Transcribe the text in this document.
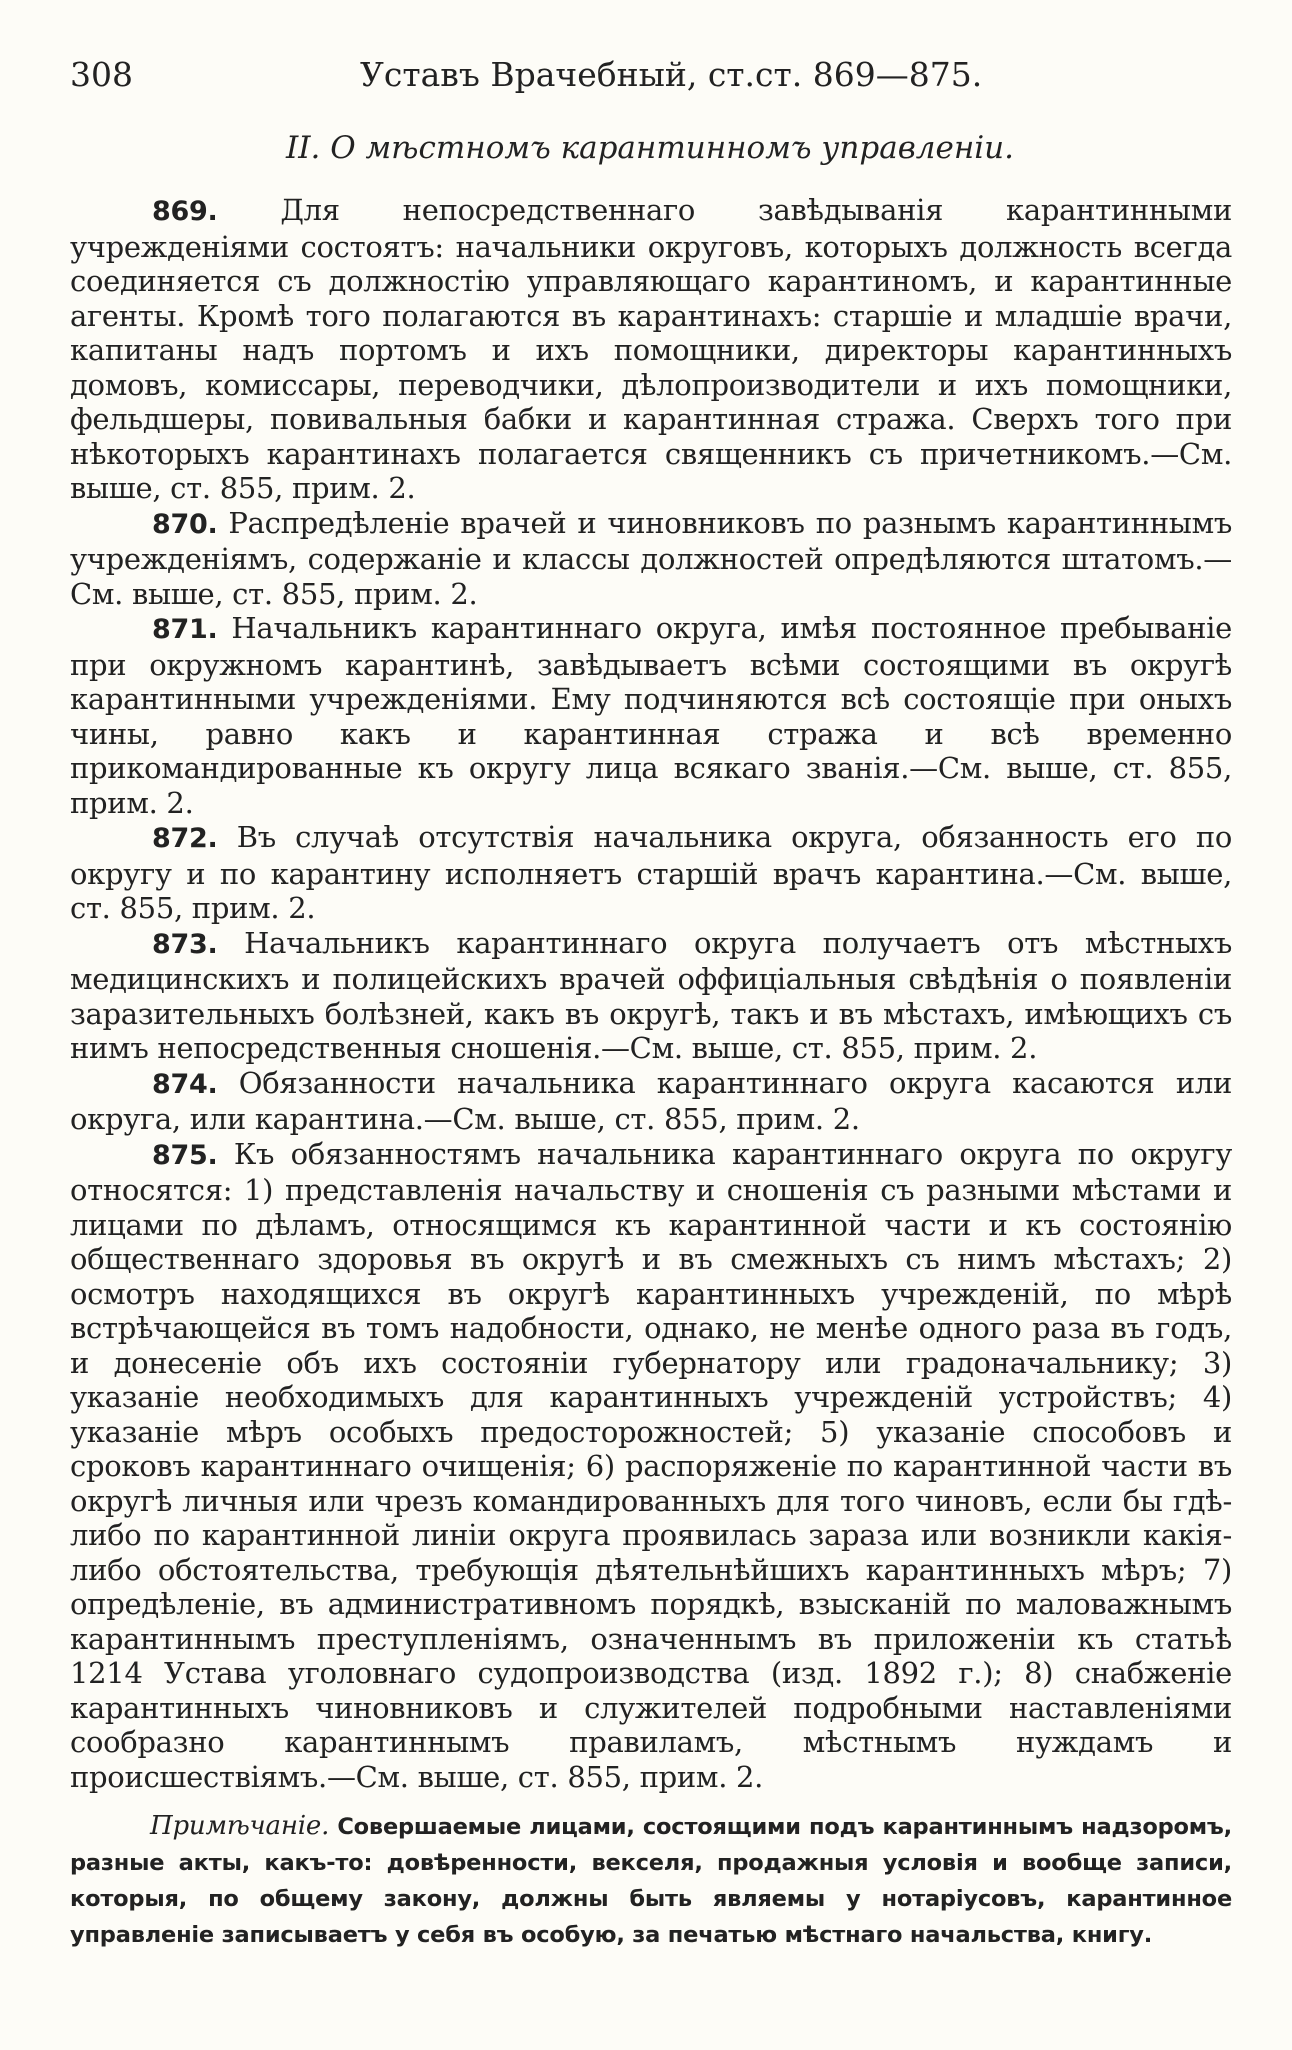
308	Уставъ Врачебный, ст.ст. 869—875.
II. О мѣстномъ карантинномъ управленiи.

869. Для непосредственнаго завѣдыванiя карантинными учрежденiями состоятъ: начальники округовъ, которыхъ должность всегда соединяется съ должностiю управляющаго карантиномъ, и карантинные агенты. Кромѣ того полагаются въ карантинахъ: старшiе и младшiе врачи, капитаны надъ портомъ и ихъ помощники, директоры карантинныхъ домовъ, комиссары, переводчики, дѣлопроизводители и ихъ помощники, фельдшеры, повивальныя бабки и карантинная стража. Сверхъ того при нѣкоторыхъ карантинахъ полагается священникъ съ причетникомъ.—См. выше, ст. 855, прим. 2.

870. Распредѣленiе врачей и чиновниковъ по разнымъ карантиннымъ учрежденiямъ, содержанiе и классы должностей опредѣляются штатомъ.—См. выше, ст. 855, прим. 2.

871. Начальникъ карантиннаго округа, имѣя постоянное пребыванiе при окружномъ карантинѣ, завѣдываетъ всѣми состоящими въ округѣ карантинными учрежденiями. Ему подчиняются всѣ состоящiе при оныхъ чины, равно какъ и карантинная стража и всѣ временно прикомандированные къ округу лица всякаго званiя.—См. выше, ст. 855, прим. 2.

872. Въ случаѣ отсутствiя начальника округа, обязанность его по округу и по карантину исполняетъ старшiй врачъ карантина.—См. выше, ст. 855, прим. 2.

873. Начальникъ карантиннаго округа получаетъ отъ мѣстныхъ медицинскихъ и полицейскихъ врачей оффицiальныя свѣдѣнiя о появленiи заразительныхъ болѣзней, какъ въ округѣ, такъ и въ мѣстахъ, имѣющихъ съ нимъ непосредственныя сношенiя.—См. выше, ст. 855, прим. 2.

874. Обязанности начальника карантиннаго округа касаются или округа, или карантина.—См. выше, ст. 855, прим. 2.

875. Къ обязанностямъ начальника карантиннаго округа по округу относятся: 1) представленiя начальству и сношенiя съ разными мѣстами и лицами по дѣламъ, относящимся къ карантинной части и къ состоянiю общественнаго здоровья въ округѣ и въ смежныхъ съ нимъ мѣстахъ; 2) осмотръ находящихся въ округѣ карантинныхъ учрежденiй, по мѣрѣ встрѣчающейся въ томъ надобности, однако, не менѣе одного раза въ годъ, и донесенiе объ ихъ состоянiи губернатору или градоначальнику; 3) указанiе необходимыхъ для карантинныхъ учрежденiй устройствъ; 4) указанiе мѣръ особыхъ предосторожностей; 5) указанiе способовъ и сроковъ карантиннаго очищенiя; 6) распоряженiе по карантинной части въ округѣ личныя или чрезъ командированныхъ для того чиновъ, если бы гдѣ-либо по карантинной линiи округа проявилась зараза или возникли какiя-либо обстоятельства, требующiя дѣятельнѣйшихъ карантинныхъ мѣръ; 7) опредѣленiе, въ административномъ порядкѣ, взысканiй по маловажнымъ карантиннымъ преступленiямъ, означеннымъ въ приложенiи къ статьѣ 1214 Устава уголовнаго судопроизводства (изд. 1892 г.); 8) снабженiе карантинныхъ чиновниковъ и служителей подробными наставленiями сообразно карантиннымъ правиламъ, мѣстнымъ нуждамъ и происшествiямъ.—См. выше, ст. 855, прим. 2.

Примѣчанiе. Совершаемые лицами, состоящими подъ карантиннымъ надзоромъ, разные акты, какъ-то: довѣренности, векселя, продажныя условiя и вообще записи, которыя, по общему закону, должны быть являемы у нотарiусовъ, карантинное управленiе записываетъ у себя въ особую, за печатью мѣстнаго начальства, книгу.
